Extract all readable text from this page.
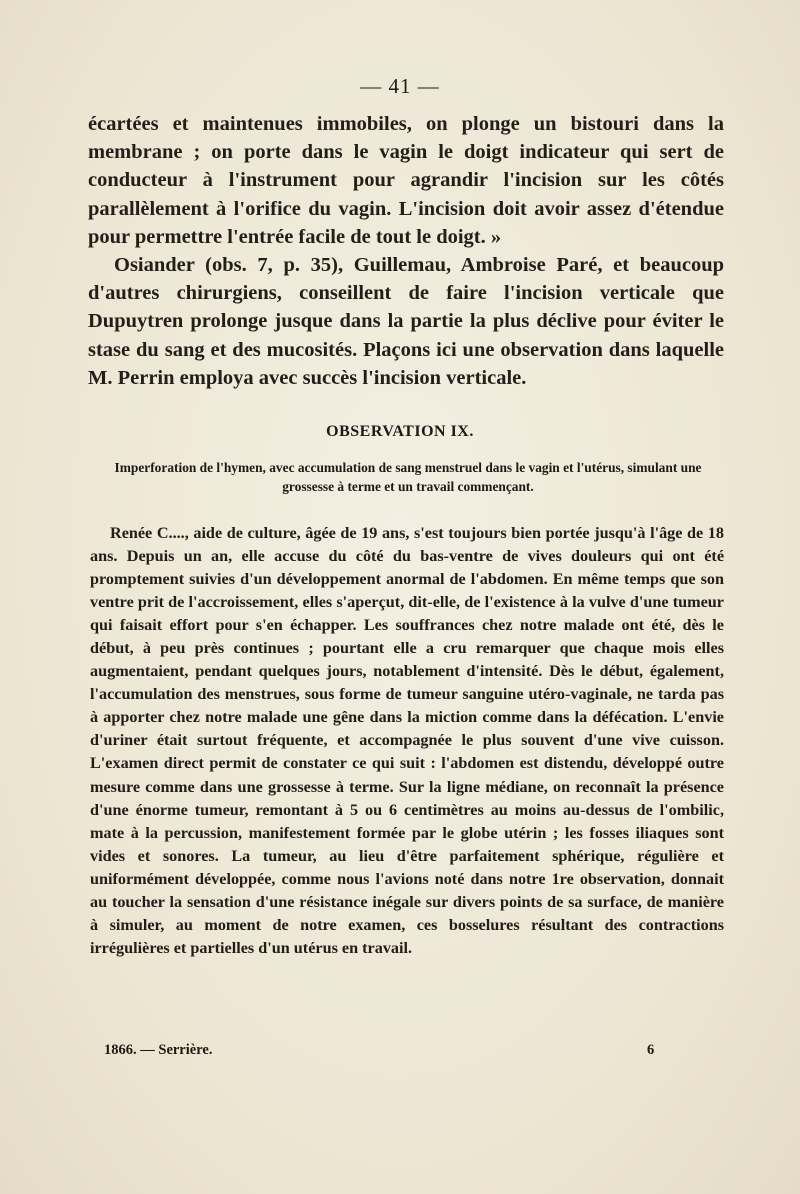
— 41 —

écartées et maintenues immobiles, on plonge un bistouri dans la membrane ; on porte dans le vagin le doigt indicateur qui sert de conducteur à l'instrument pour agrandir l'incision sur les côtés parallèlement à l'orifice du vagin. L'incision doit avoir assez d'étendue pour permettre l'entrée facile de tout le doigt. »

Osiander (obs. 7, p. 35), Guillemau, Ambroise Paré, et beaucoup d'autres chirurgiens, conseillent de faire l'incision verticale que Dupuytren prolonge jusque dans la partie la plus déclive pour éviter le stase du sang et des mucosités. Plaçons ici une observation dans laquelle M. Perrin employa avec succès l'incision verticale.

OBSERVATION IX.
Imperforation de l'hymen, avec accumulation de sang menstruel dans le vagin et l'utérus, simulant une grossesse à terme et un travail commençant.

Renée C...., aide de culture, âgée de 19 ans, s'est toujours bien portée jusqu'à l'âge de 18 ans. Depuis un an, elle accuse du côté du bas-ventre de vives douleurs qui ont été promptement suivies d'un développement anormal de l'abdomen. En même temps que son ventre prit de l'accroissement, elles s'aperçut, dit-elle, de l'existence à la vulve d'une tumeur qui faisait effort pour s'en échapper. Les souffrances chez notre malade ont été, dès le début, à peu près continues ; pourtant elle a cru remarquer que chaque mois elles augmentaient, pendant quelques jours, notablement d'intensité. Dès le début, également, l'accumulation des menstrues, sous forme de tumeur sanguine utéro-vaginale, ne tarda pas à apporter chez notre malade une gêne dans la miction comme dans la défécation. L'envie d'uriner était surtout fréquente, et accompagnée le plus souvent d'une vive cuisson. L'examen direct permit de constater ce qui suit : l'abdomen est distendu, développé outre mesure comme dans une grossesse à terme. Sur la ligne médiane, on reconnaît la présence d'une énorme tumeur, remontant à 5 ou 6 centimètres au moins au-dessus de l'ombilic, mate à la percussion, manifestement formée par le globe utérin ; les fosses iliaques sont vides et sonores. La tumeur, au lieu d'être parfaitement sphérique, régulière et uniformément développée, comme nous l'avions noté dans notre 1re observation, donnait au toucher la sensation d'une résistance inégale sur divers points de sa surface, de manière à simuler, au moment de notre examen, ces bosselures résultant des contractions irrégulières et partielles d'un utérus en travail.

1866. — Serrière.	6
